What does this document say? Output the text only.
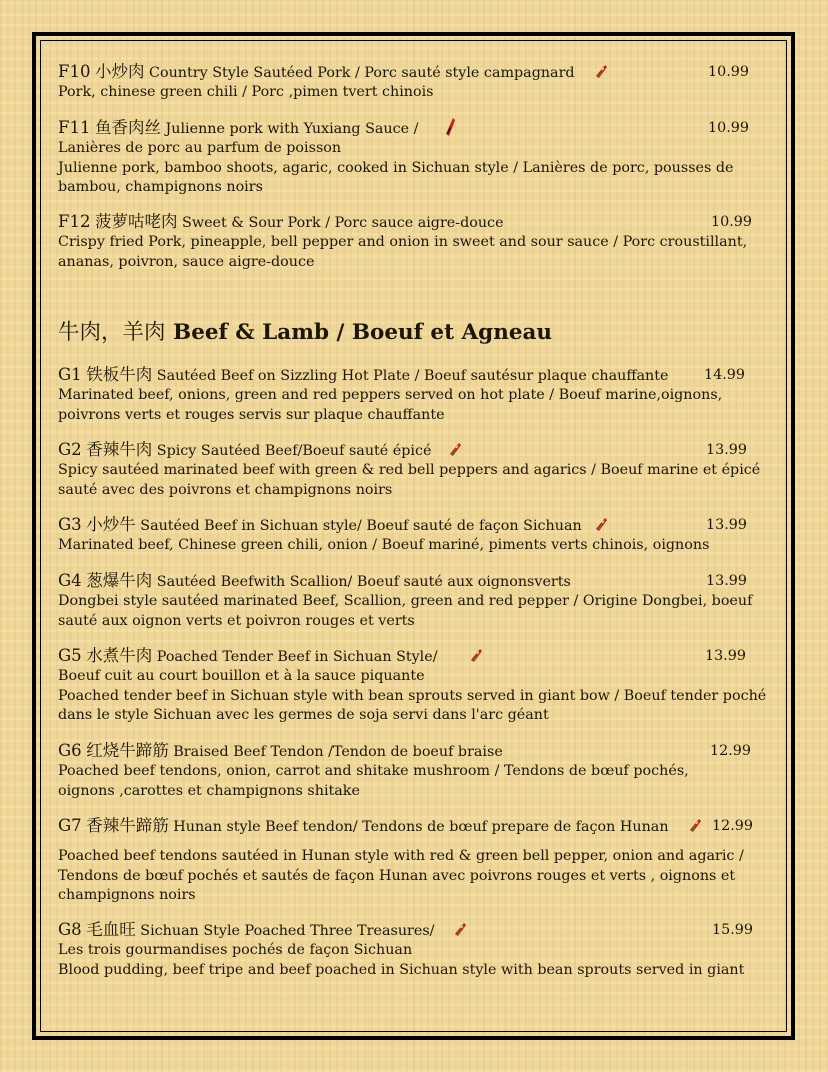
F10 小炒肉 Country Style Sautéed Pork / Porc sauté style campagnard	10.99
Pork, chinese green chili / Porc ,pimen tvert chinois
F11 鱼香肉丝 Julienne pork with Yuxiang Sauce /	10.99
Lanières de porc au parfum de poisson
Julienne pork, bamboo shoots, agaric, cooked in Sichuan style / Lanières de porc, pousses de
bambou, champignons noirs
F12 菠萝咕咾肉 Sweet & Sour Pork / Porc sauce aigre-douce	10.99
Crispy fried Pork, pineapple, bell pepper and onion in sweet and sour sauce / Porc croustillant,
ananas, poivron, sauce aigre-douce
牛肉，羊肉 Beef & Lamb / Boeuf et Agneau
G1 铁板牛肉 Sautéed Beef on Sizzling Hot Plate / Boeuf sautésur plaque chauffante 14.99
Marinated beef, onions, green and red peppers served on hot plate / Boeuf marine,oignons,
poivrons verts et rouges servis sur plaque chauffante
G2 香辣牛肉 Spicy Sautéed Beef/Boeuf sauté épicé	13.99
Spicy sautéed marinated beef with green & red bell peppers and agarics / Boeuf marine et épicé
sauté avec des poivrons et champignons noirs
G3 小炒牛 Sautéed Beef in Sichuan style/ Boeuf sauté de façon Sichuan	13.99
Marinated beef, Chinese green chili, onion / Boeuf mariné, piments verts chinois, oignons
G4 葱爆牛肉 Sautéed Beefwith Scallion/ Boeuf sauté aux oignonsverts	13.99
Dongbei style sautéed marinated Beef, Scallion, green and red pepper / Origine Dongbei, boeuf
sauté aux oignon verts et poivron rouges et verts
G5 水煮牛肉 Poached Tender Beef in Sichuan Style/	13.99
Boeuf cuit au court bouillon et à la sauce piquante
Poached tender beef in Sichuan style with bean sprouts served in giant bow / Boeuf tender poché
dans le style Sichuan avec les germes de soja servi dans l'arc géant
G6 红烧牛蹄筋 Braised Beef Tendon /Tendon de boeuf braise	12.99
Poached beef tendons, onion, carrot and shitake mushroom / Tendons de bœuf pochés,
oignons ,carottes et champignons shitake
G7 香辣牛蹄筋 Hunan style Beef tendon/ Tendons de bœuf prepare de façon Hunan	12.99
Poached beef tendons sautéed in Hunan style with red & green bell pepper, onion and agaric /
Tendons de bœuf pochés et sautés de façon Hunan avec poivrons rouges et verts , oignons et
champignons noirs
G8 毛血旺 Sichuan Style Poached Three Treasures/	15.99
Les trois gourmandises pochés de façon Sichuan
Blood pudding, beef tripe and beef poached in Sichuan style with bean sprouts served in giant
